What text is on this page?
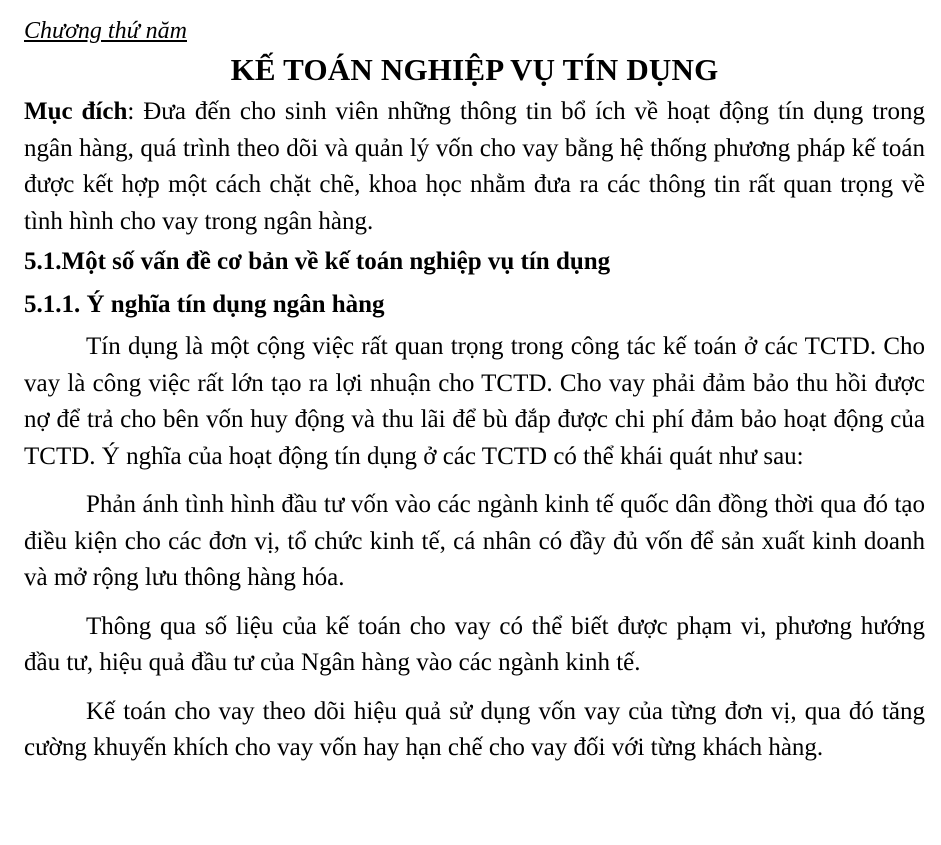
Chương thứ năm

KẾ TOÁN NGHIỆP VỤ TÍN DỤNG

Mục đích: Đưa đến cho sinh viên những thông tin bổ ích về hoạt động tín dụng trong ngân hàng, quá trình theo dõi và quản lý vốn cho vay bằng hệ thống phương pháp kế toán được kết hợp một cách chặt chẽ, khoa học nhằm đưa ra các thông tin rất quan trọng về tình hình cho vay trong ngân hàng.

5.1.Một số vấn đề cơ bản về kế toán nghiệp vụ tín dụng
5.1.1. Ý nghĩa tín dụng ngân hàng

Tín dụng là một cộng việc rất quan trọng trong công tác kế toán ở các TCTD. Cho vay là công việc rất lớn tạo ra lợi nhuận cho TCTD. Cho vay phải đảm bảo thu hồi được nợ để trả cho bên vốn huy động và thu lãi để bù đắp được chi phí đảm bảo hoạt động của TCTD. Ý nghĩa của hoạt động tín dụng ở các TCTD có thể khái quát như sau:

Phản ánh tình hình đầu tư vốn vào các ngành kinh tế quốc dân đồng thời qua đó tạo điều kiện cho các đơn vị, tổ chức kinh tế, cá nhân có đầy đủ vốn để sản xuất kinh doanh và mở rộng lưu thông hàng hóa.

Thông qua số liệu của kế toán cho vay có thể biết được phạm vi, phương hướng đầu tư, hiệu quả đầu tư của Ngân hàng vào các ngành kinh tế.

Kế toán cho vay theo dõi hiệu quả sử dụng vốn vay của từng đơn vị, qua đó tăng cường khuyến khích cho vay vốn hay hạn chế cho vay đối với từng khách hàng.
